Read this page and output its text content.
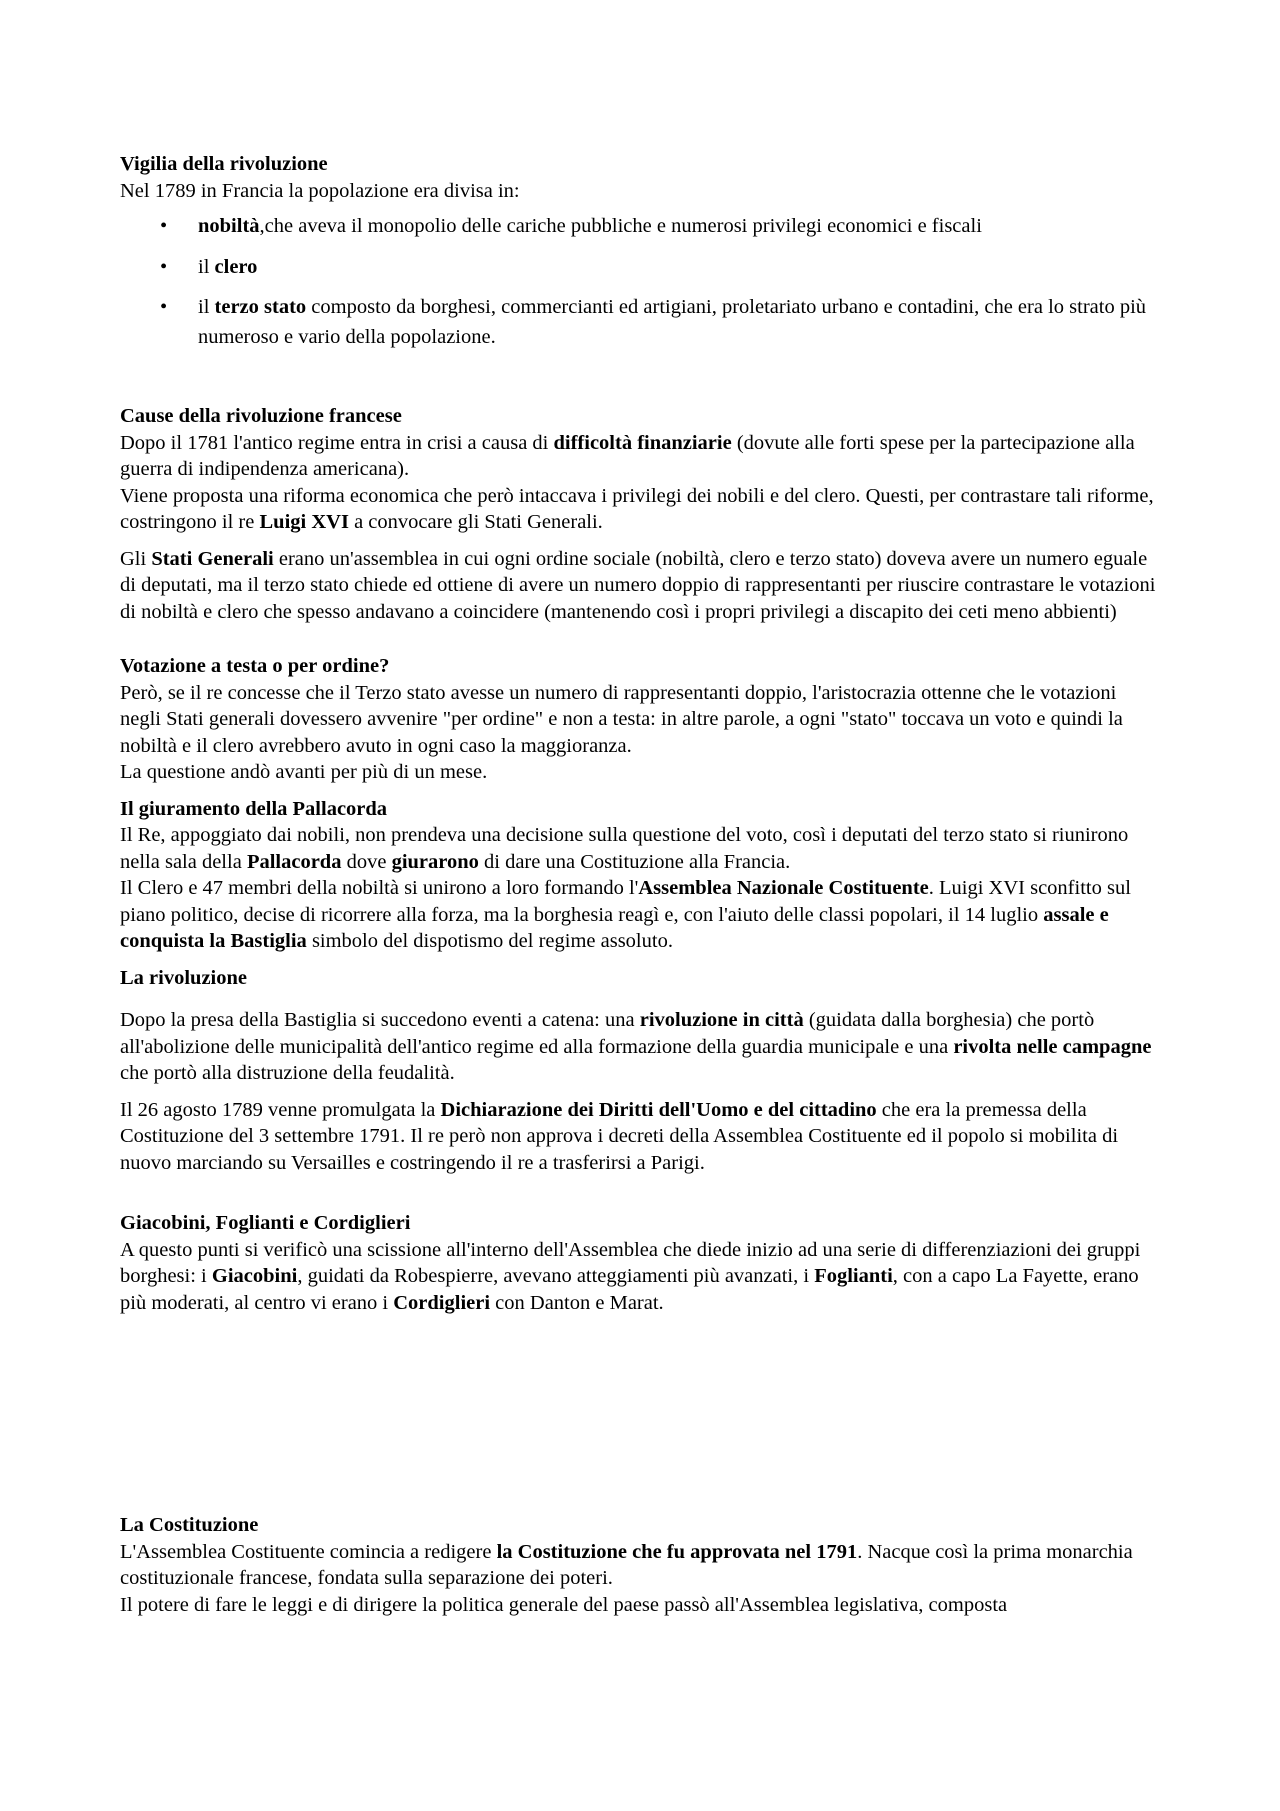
Vigilia della rivoluzione

Nel 1789 in Francia la popolazione era divisa in:

• nobiltà,che aveva il monopolio delle cariche pubbliche e numerosi privilegi economici e fiscali
• il clero
• il terzo stato composto da borghesi, commercianti ed artigiani, proletariato urbano e contadini, che era lo strato più numeroso e vario della popolazione.
Cause della rivoluzione francese

Dopo il 1781 l'antico regime entra in crisi a causa di difficoltà finanziarie (dovute alle forti spese per la partecipazione alla guerra di indipendenza americana).

Viene proposta una riforma economica che però intaccava i privilegi dei nobili e del clero. Questi, per contrastare tali riforme, costringono il re Luigi XVI a convocare gli Stati Generali.

Gli Stati Generali erano un'assemblea in cui ogni ordine sociale (nobiltà, clero e terzo stato) doveva avere un numero eguale di deputati, ma il terzo stato chiede ed ottiene di avere un numero doppio di rappresentanti per riuscire contrastare le votazioni di nobiltà e clero che spesso andavano a coincidere (mantenendo così i propri privilegi a discapito dei ceti meno abbienti)

Votazione a testa o per ordine?

Però, se il re concesse che il Terzo stato avesse un numero di rappresentanti doppio, l'aristocrazia ottenne che le votazioni negli Stati generali dovessero avvenire "per ordine" e non a testa: in altre parole, a ogni "stato" toccava un voto e quindi la nobiltà e il clero avrebbero avuto in ogni caso la maggioranza.

La questione andò avanti per più di un mese.

Il giuramento della Pallacorda

Il Re, appoggiato dai nobili, non prendeva una decisione sulla questione del voto, così i deputati del terzo stato si riunirono nella sala della Pallacorda dove giurarono di dare una Costituzione alla Francia.

Il Clero e 47 membri della nobiltà si unirono a loro formando l'Assemblea Nazionale Costituente. Luigi XVI sconfitto sul piano politico, decise di ricorrere alla forza, ma la borghesia reagì e, con l'aiuto delle classi popolari, il 14 luglio assale e conquista la Bastiglia simbolo del dispotismo del regime assoluto.

La rivoluzione

Dopo la presa della Bastiglia si succedono eventi a catena: una rivoluzione in città (guidata dalla borghesia) che portò all'abolizione delle municipalità dell'antico regime ed alla formazione della guardia municipale e una rivolta nelle campagne che portò alla distruzione della feudalità.

Il 26 agosto 1789 venne promulgata la Dichiarazione dei Diritti dell'Uomo e del cittadino che era la premessa della Costituzione del 3 settembre 1791. Il re però non approva i decreti della Assemblea Costituente ed il popolo si mobilita di nuovo marciando su Versailles e costringendo il re a trasferirsi a Parigi.

Giacobini, Foglianti e Cordiglieri

A questo punti si verificò una scissione all'interno dell'Assemblea che diede inizio ad una serie di differenziazioni dei gruppi borghesi: i Giacobini, guidati da Robespierre, avevano atteggiamenti più avanzati, i Foglianti, con a capo La Fayette, erano più moderati, al centro vi erano i Cordiglieri con Danton e Marat.

La Costituzione

L'Assemblea Costituente comincia a redigere la Costituzione che fu approvata nel 1791. Nacque così la prima monarchia costituzionale francese, fondata sulla separazione dei poteri.

Il potere di fare le leggi e di dirigere la politica generale del paese passò all'Assemblea legislativa, composta
